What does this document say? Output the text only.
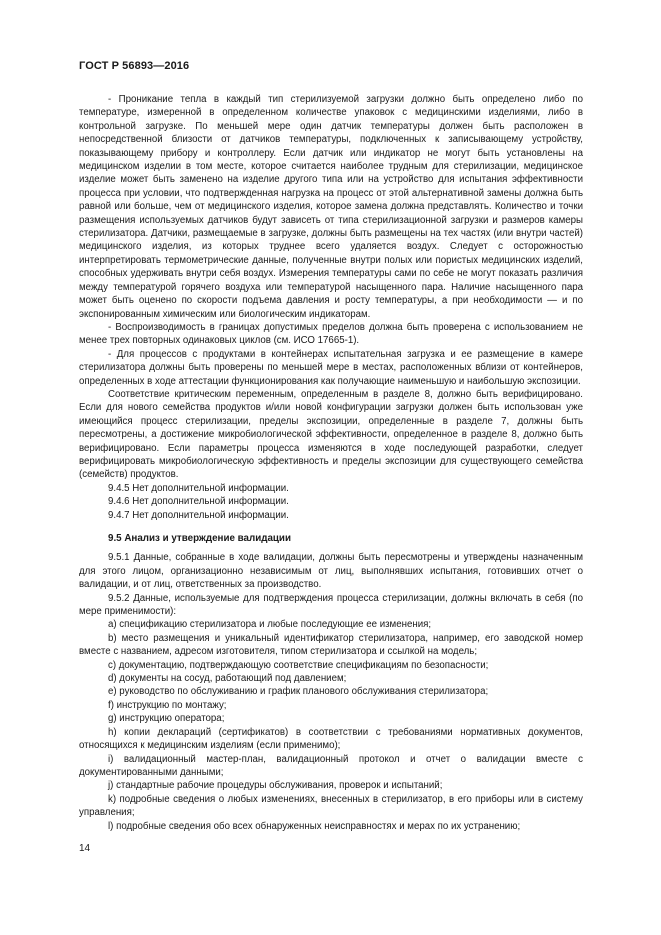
ГОСТ Р 56893—2016

- Проникание тепла в каждый тип стерилизуемой загрузки должно быть определено либо по температуре, измеренной в определенном количестве упаковок с медицинскими изделиями, либо в контрольной загрузке. По меньшей мере один датчик температуры должен быть расположен в непосредственной близости от датчиков температуры, подключенных к записывающему устройству, показывающему прибору и контроллеру. Если датчик или индикатор не могут быть установлены на медицинском изделии в том месте, которое считается наиболее трудным для стерилизации, медицинское изделие может быть заменено на изделие другого типа или на устройство для испытания эффективности процесса при условии, что подтвержденная нагрузка на процесс от этой альтернативной замены должна быть равной или больше, чем от медицинского изделия, которое замена должна представлять. Количество и точки размещения используемых датчиков будут зависеть от типа стерилизационной загрузки и размеров камеры стерилизатора. Датчики, размещаемые в загрузке, должны быть размещены на тех частях (или внутри частей) медицинского изделия, из которых труднее всего удаляется воздух. Следует с осторожностью интерпретировать термометрические данные, полученные внутри полых или пористых медицинских изделий, способных удерживать внутри себя воздух. Измерения температуры сами по себе не могут показать различия между температурой горячего воздуха или температурой насыщенного пара. Наличие насыщенного пара может быть оценено по скорости подъема давления и росту температуры, а при необходимости — и по экспонированным химическим или биологическим индикаторам.

- Воспроизводимость в границах допустимых пределов должна быть проверена с использованием не менее трех повторных одинаковых циклов (см. ИСО 17665-1).

- Для процессов с продуктами в контейнерах испытательная загрузка и ее размещение в камере стерилизатора должны быть проверены по меньшей мере в местах, расположенных вблизи от контейнеров, определенных в ходе аттестации функционирования как получающие наименьшую и наибольшую экспозиции.

Соответствие критическим переменным, определенным в разделе 8, должно быть верифицировано. Если для нового семейства продуктов и/или новой конфигурации загрузки должен быть использован уже имеющийся процесс стерилизации, пределы экспозиции, определенные в разделе 7, должны быть пересмотрены, а достижение микробиологической эффективности, определенное в разделе 8, должно быть верифицировано. Если параметры процесса изменяются в ходе последующей разработки, следует верифицировать микробиологическую эффективность и пределы экспозиции для существующего семейства (семейств) продуктов.

9.4.5 Нет дополнительной информации.

9.4.6 Нет дополнительной информации.

9.4.7 Нет дополнительной информации.

9.5 Анализ и утверждение валидации

9.5.1 Данные, собранные в ходе валидации, должны быть пересмотрены и утверждены назначенным для этого лицом, организационно независимым от лиц, выполнявших испытания, готовивших отчет о валидации, и от лиц, ответственных за производство.

9.5.2 Данные, используемые для подтверждения процесса стерилизации, должны включать в себя (по мере применимости):

a) спецификацию стерилизатора и любые последующие ее изменения;

b) место размещения и уникальный идентификатор стерилизатора, например, его заводской номер вместе с названием, адресом изготовителя, типом стерилизатора и ссылкой на модель;

c) документацию, подтверждающую соответствие спецификациям по безопасности;

d) документы на сосуд, работающий под давлением;

e) руководство по обслуживанию и график планового обслуживания стерилизатора;

f) инструкцию по монтажу;

g) инструкцию оператора;

h) копии деклараций (сертификатов) в соответствии с требованиями нормативных документов, относящихся к медицинским изделиям (если применимо);

i) валидационный мастер-план, валидационный протокол и отчет о валидации вместе с документированными данными;

j) стандартные рабочие процедуры обслуживания, проверок и испытаний;

k) подробные сведения о любых изменениях, внесенных в стерилизатор, в его приборы или в систему управления;

l) подробные сведения обо всех обнаруженных неисправностях и мерах по их устранению;

14
